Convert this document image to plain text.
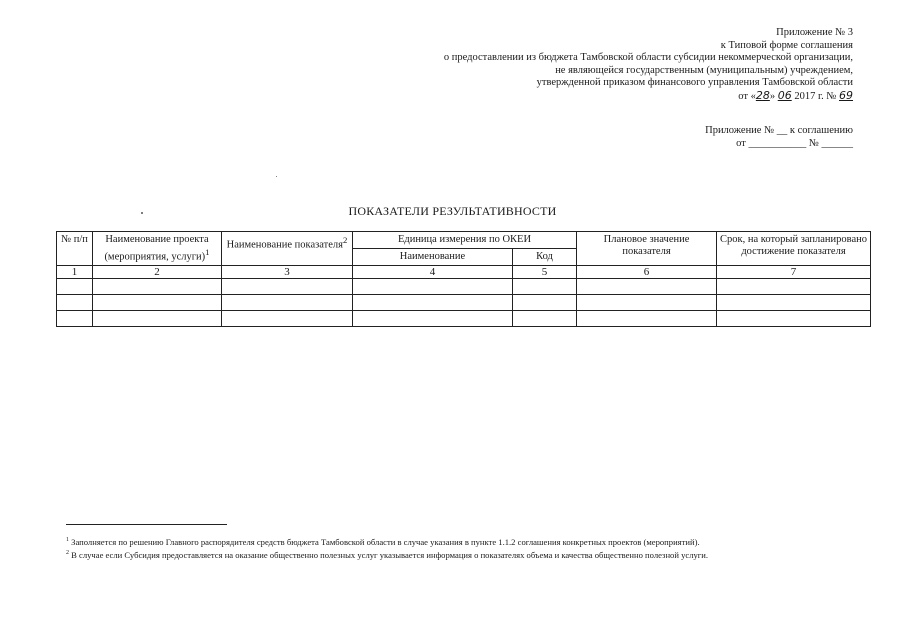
Приложение № 3
к Типовой форме соглашения
о предоставлении из бюджета Тамбовской области субсидии некоммерческой организации,
не являющейся государственным (муниципальным) учреждением,
утвержденной приказом финансового управления Тамбовской области
от «28» 06 2017 г. № 69
Приложение № __ к соглашению
от ___________ № ______
ПОКАЗАТЕЛИ РЕЗУЛЬТАТИВНОСТИ
№ п/п	Наименование проекта (мероприятия, услуги)$^1$	Наименование показателя$^2$	Единица измерения по ОКЕИ		Плановое значение показателя	Срок, на который запланировано достижение показателя
			Наименование	Код		
1	2	3	4	5	6	7

$^1$ Заполняется по решению Главного распорядителя средств бюджета Тамбовской области в случае указания в пункте 1.1.2 соглашения конкретных проектов (мероприятий).
$^2$ В случае если Субсидия предоставляется на оказание общественно полезных услуг указывается информация о показателях объема и качества общественно полезной услуги.
